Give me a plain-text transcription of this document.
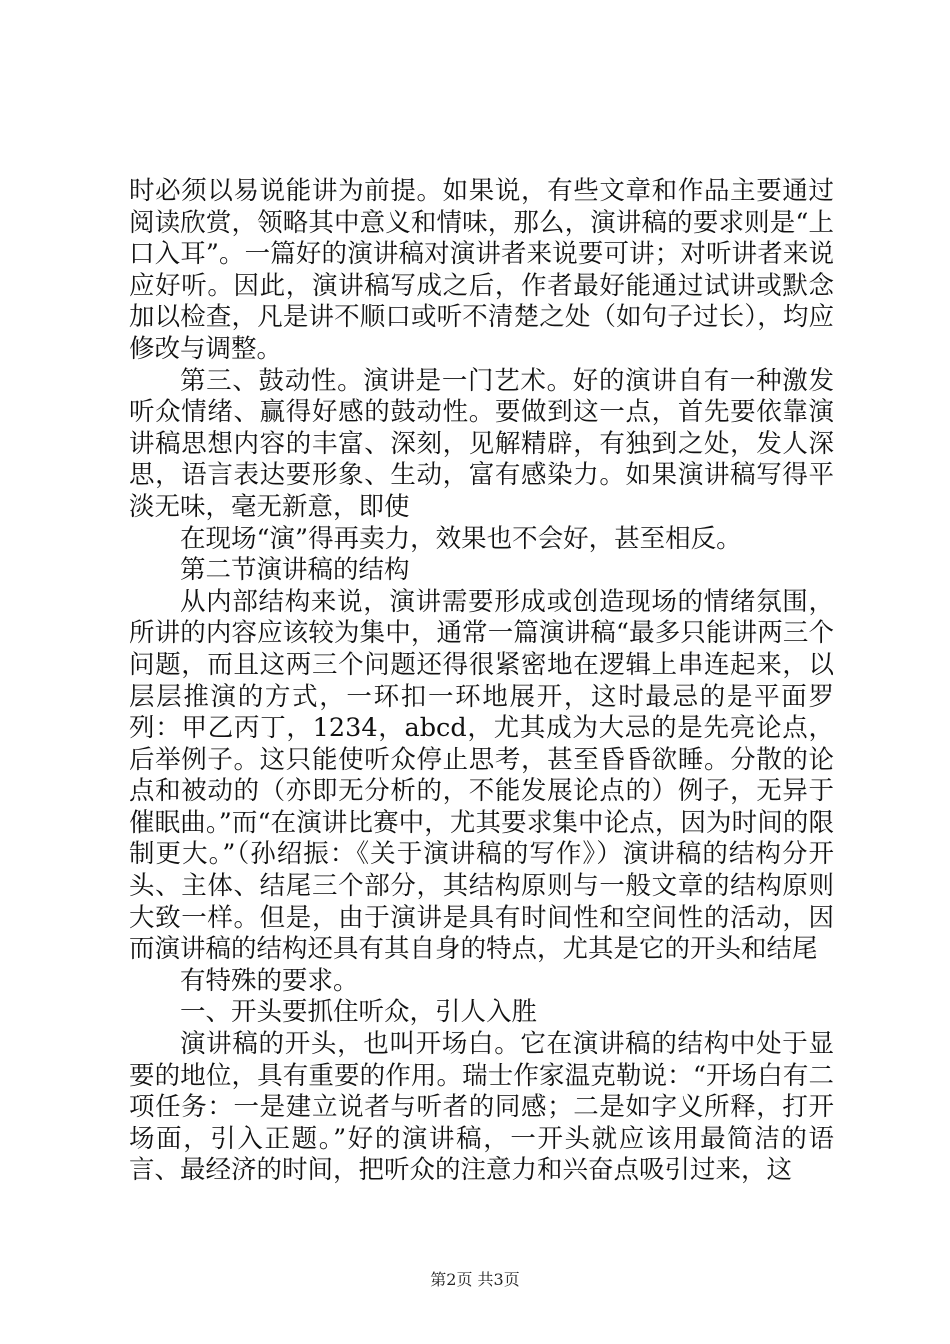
时必须以易说能讲为前提。如果说，有些文章和作品主要通过阅读欣赏，领略其中意义和情味，那么，演讲稿的要求则是“上口入耳”。一篇好的演讲稿对演讲者来说要可讲；对听讲者来说应好听。因此，演讲稿写成之后，作者最好能通过试讲或默念加以检查，凡是讲不顺口或听不清楚之处（如句子过长），均应修改与调整。

第三、鼓动性。演讲是一门艺术。好的演讲自有一种激发听众情绪、赢得好感的鼓动性。要做到这一点，首先要依靠演讲稿思想内容的丰富、深刻，见解精辟，有独到之处，发人深思，语言表达要形象、生动，富有感染力。如果演讲稿写得平淡无味，毫无新意，即使

在现场“演”得再卖力，效果也不会好，甚至相反。

第二节演讲稿的结构

从内部结构来说，演讲需要形成或创造现场的情绪氛围，所讲的内容应该较为集中，通常一篇演讲稿“最多只能讲两三个问题，而且这两三个问题还得很紧密地在逻辑上串连起来，以层层推演的方式，一环扣一环地展开，这时最忌的是平面罗列：甲乙丙丁，1234，abcd，尤其成为大忌的是先亮论点，后举例子。这只能使听众停止思考，甚至昏昏欲睡。分散的论点和被动的（亦即无分析的，不能发展论点的）例子，无异于催眠曲。”而“在演讲比赛中，尤其要求集中论点，因为时间的限制更大。”（孙绍振：《关于演讲稿的写作》）演讲稿的结构分开头、主体、结尾三个部分，其结构原则与一般文章的结构原则大致一样。但是，由于演讲是具有时间性和空间性的活动，因而演讲稿的结构还具有其自身的特点，尤其是它的开头和结尾

有特殊的要求。

一、开头要抓住听众，引人入胜

演讲稿的开头，也叫开场白。它在演讲稿的结构中处于显要的地位，具有重要的作用。瑞士作家温克勒说：“开场白有二项任务：一是建立说者与听者的同感；二是如字义所释，打开场面，引入正题。”好的演讲稿，一开头就应该用最简洁的语言、最经济的时间，把听众的注意力和兴奋点吸引过来，这

第2页 共3页
